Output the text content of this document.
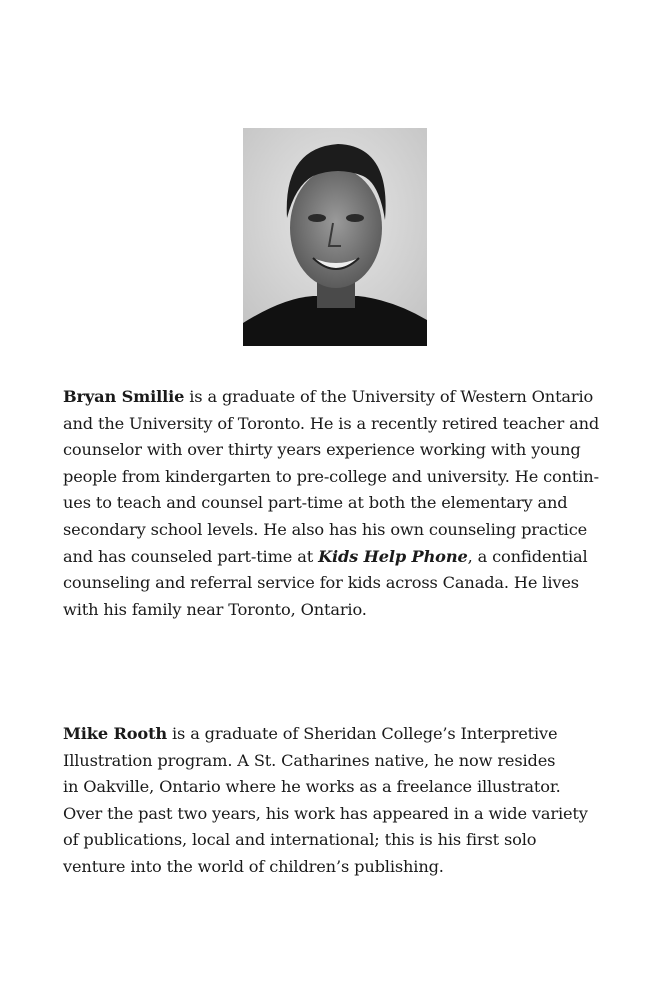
Bryan Smillie is a graduate of the University of Western Ontario
and the University of Toronto. He is a recently retired teacher and
counselor with over thirty years experience working with young
people from kindergarten to pre-college and university. He contin-
ues to teach and counsel part-time at both the elementary and
secondary school levels. He also has his own counseling practice
and has counseled part-time at Kids Help Phone, a confidential
counseling and referral service for kids across Canada. He lives
with his family near Toronto, Ontario.
Mike Rooth is a graduate of Sheridan College’s Interpretive
Illustration program. A St. Catharines native, he now resides
in Oakville, Ontario where he works as a freelance illustrator.
Over the past two years, his work has appeared in a wide variety
of publications, local and international; this is his first solo
venture into the world of children’s publishing.
